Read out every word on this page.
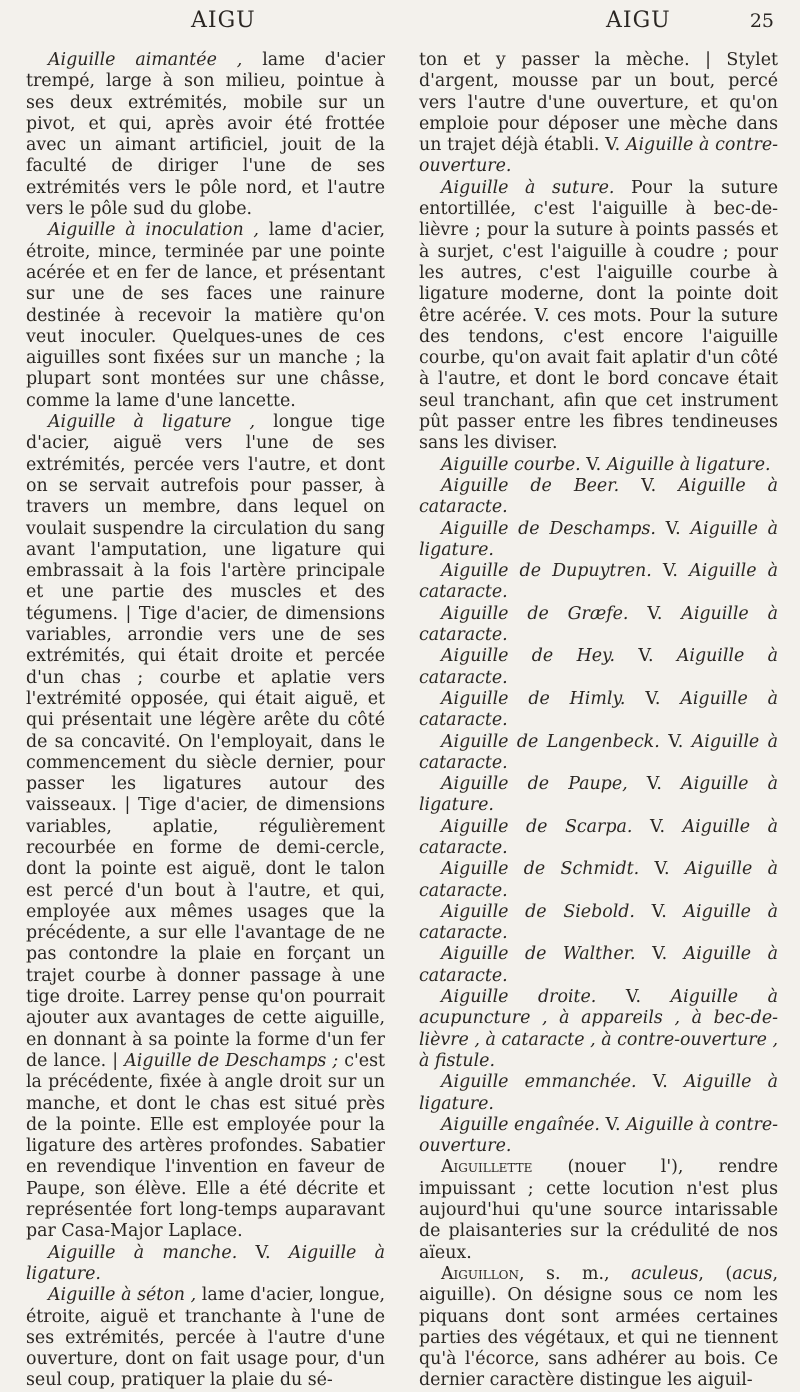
AIGU	AIGU	25

Aiguille aimantée , lame d'acier trempé, large à son milieu, pointue à ses deux extrémités, mobile sur un pivot, et qui, après avoir été frottée avec un aimant artificiel, jouit de la faculté de diriger l'une de ses extrémités vers le pôle nord, et l'autre vers le pôle sud du globe.

Aiguille à inoculation , lame d'acier, étroite, mince, terminée par une pointe acérée et en fer de lance, et présentant sur une de ses faces une rainure destinée à recevoir la matière qu'on veut inoculer. Quelques-unes de ces aiguilles sont fixées sur un manche ; la plupart sont montées sur une châsse, comme la lame d'une lancette.

Aiguille à ligature , longue tige d'acier, aiguë vers l'une de ses extrémités, percée vers l'autre, et dont on se servait autrefois pour passer, à travers un membre, dans lequel on voulait suspendre la circulation du sang avant l'amputation, une ligature qui embrassait à la fois l'artère principale et une partie des muscles et des tégumens. | Tige d'acier, de dimensions variables, arrondie vers une de ses extrémités, qui était droite et percée d'un chas ; courbe et aplatie vers l'extrémité opposée, qui était aiguë, et qui présentait une légère arête du côté de sa concavité. On l'employait, dans le commencement du siècle dernier, pour passer les ligatures autour des vaisseaux. | Tige d'acier, de dimensions variables, aplatie, régulièrement recourbée en forme de demi-cercle, dont la pointe est aiguë, dont le talon est percé d'un bout à l'autre, et qui, employée aux mêmes usages que la précédente, a sur elle l'avantage de ne pas contondre la plaie en forçant un trajet courbe à donner passage à une tige droite. Larrey pense qu'on pourrait ajouter aux avantages de cette aiguille, en donnant à sa pointe la forme d'un fer de lance. | Aiguille de Deschamps ; c'est la précédente, fixée à angle droit sur un manche, et dont le chas est situé près de la pointe. Elle est employée pour la ligature des artères profondes. Sabatier en revendique l'invention en faveur de Paupe, son élève. Elle a été décrite et représentée fort long-temps auparavant par Casa-Major Laplace.

Aiguille à manche. V. Aiguille à ligature.

Aiguille à séton , lame d'acier, longue, étroite, aiguë et tranchante à l'une de ses extrémités, percée à l'autre d'une ouverture, dont on fait usage pour, d'un seul coup, pratiquer la plaie du sé-

ton et y passer la mèche. | Stylet d'argent, mousse par un bout, percé vers l'autre d'une ouverture, et qu'on emploie pour déposer une mèche dans un trajet déjà établi. V. Aiguille à contre-ouverture.

Aiguille à suture. Pour la suture entortillée, c'est l'aiguille à bec-de-lièvre ; pour la suture à points passés et à surjet, c'est l'aiguille à coudre ; pour les autres, c'est l'aiguille courbe à ligature moderne, dont la pointe doit être acérée. V. ces mots. Pour la suture des tendons, c'est encore l'aiguille courbe, qu'on avait fait aplatir d'un côté à l'autre, et dont le bord concave était seul tranchant, afin que cet instrument pût passer entre les fibres tendineuses sans les diviser.

Aiguille courbe. V. Aiguille à ligature.

Aiguille de Beer. V. Aiguille à cataracte.

Aiguille de Deschamps. V. Aiguille à ligature.

Aiguille de Dupuytren. V. Aiguille à cataracte.

Aiguille de Græfe. V. Aiguille à cataracte.

Aiguille de Hey. V. Aiguille à cataracte.

Aiguille de Himly. V. Aiguille à cataracte.

Aiguille de Langenbeck. V. Aiguille à cataracte.

Aiguille de Paupe, V. Aiguille à ligature.

Aiguille de Scarpa. V. Aiguille à cataracte.

Aiguille de Schmidt. V. Aiguille à cataracte.

Aiguille de Siebold. V. Aiguille à cataracte.

Aiguille de Walther. V. Aiguille à cataracte.

Aiguille droite. V. Aiguille à acupuncture , à appareils , à bec-de-lièvre , à cataracte , à contre-ouverture , à fistule.

Aiguille emmanchée. V. Aiguille à ligature.

Aiguille engaînée. V. Aiguille à contre-ouverture.

Aiguillette (nouer l'), rendre impuissant ; cette locution n'est plus aujourd'hui qu'une source intarissable de plaisanteries sur la crédulité de nos aïeux.

Aiguillon, s. m., aculeus, (acus, aiguille). On désigne sous ce nom les piquans dont sont armées certaines parties des végétaux, et qui ne tiennent qu'à l'écorce, sans adhérer au bois. Ce dernier caractère distingue les aiguil-
